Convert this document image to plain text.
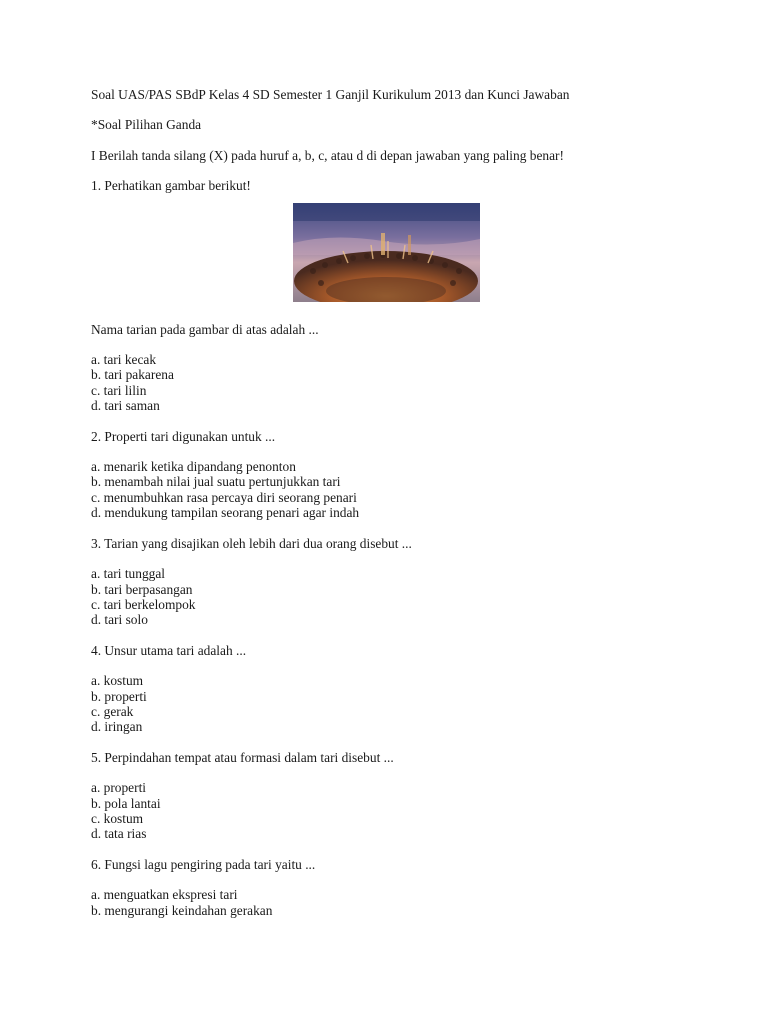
Soal UAS/PAS SBdP Kelas 4 SD Semester 1 Ganjil Kurikulum 2013 dan Kunci Jawaban
*Soal Pilihan Ganda
I Berilah tanda silang (X) pada huruf a, b, c, atau d di depan jawaban yang paling benar!
1. Perhatikan gambar berikut!
Nama tarian pada gambar di atas adalah ...
a. tari kecak
b. tari pakarena
c. tari lilin
d. tari saman
2. Properti tari digunakan untuk ...
a. menarik ketika dipandang penonton
b. menambah nilai jual suatu pertunjukkan tari
c. menumbuhkan rasa percaya diri seorang penari
d. mendukung tampilan seorang penari agar indah
3. Tarian yang disajikan oleh lebih dari dua orang disebut ...
a. tari tunggal
b. tari berpasangan
c. tari berkelompok
d. tari solo
4. Unsur utama tari adalah ...
a. kostum
b. properti
c. gerak
d. iringan
5. Perpindahan tempat atau formasi dalam tari disebut ...
a. properti
b. pola lantai
c. kostum
d. tata rias
6. Fungsi lagu pengiring pada tari yaitu ...
a. menguatkan ekspresi tari
b. mengurangi keindahan gerakan
